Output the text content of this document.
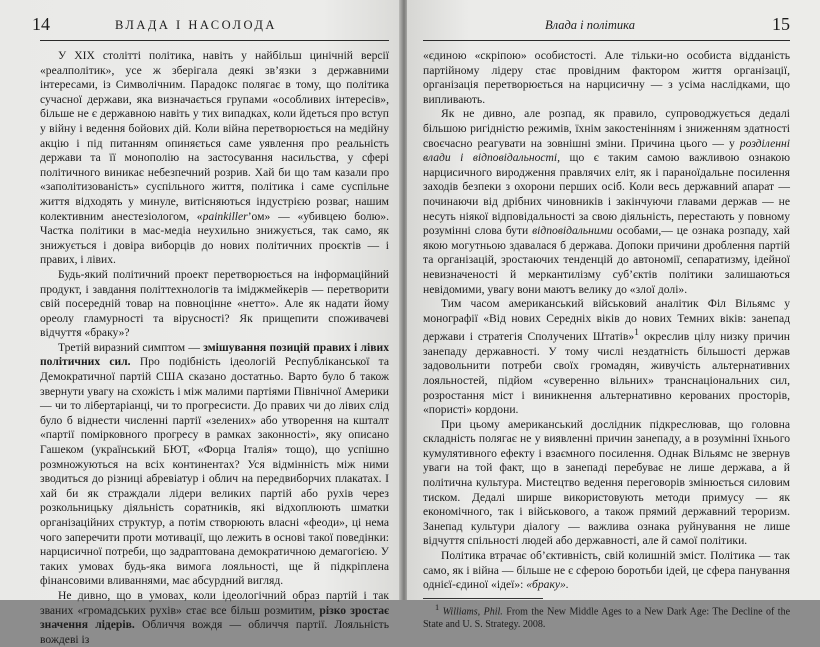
14	ВЛАДА І НАСОЛОДА

У XIX столітті політика, навіть у найбільш цинічній версії «реалполітик», усе ж зберігала деякі зв’язки з державними інтересами, із Символічним. Парадокс полягає в тому, що політика сучасної держави, яка визначається групами «особливих інтересів», більше не є державною навіть у тих випадках, коли йдеться про вступ у війну і ведення бойових дій. Коли війна перетворюється на медійну акцію і під питанням опиняється саме уявлення про реальність держави та її монополію на застосування насильства, у сфері політичного виникає небезпечний розрив. Хай би що там казали про «заполітизованість» суспільного життя, політика і саме суспільне життя відходять у минуле, витісняються індустрією розваг, нашим колективним анестезіологом, «painkiller’ом» — «убивцею болю». Частка політики в мас-медіа неухильно знижується, так само, як знижується і довіра виборців до нових політичних проєктів — і правих, і лівих.

Будь-який політичний проект перетворюється на інформаційний продукт, і завдання політтехнологів та іміджмейкерів — перетворити свій посередній товар на повноцінне «нетто». Але як надати йому ореолу гламурності та вірусності? Як прищепити споживачеві відчуття «браку»?

Третій виразний симптом — змішування позицій правих і лівих політичних сил. Про подібність ідеологій Республіканської та Демократичної партій США сказано достатньо. Варто було б також звернути увагу на схожість і між малими партіями Північної Америки — чи то лібертаріанці, чи то прогресисти. До правих чи до лівих слід було б віднести численні партії «зелених» або утворення на кшталт «партії помірковного прогресу в рамках законності», яку описано Гашеком (український БЮТ, «Форца Італія» тощо), що успішно розмножуються на всіх континентах? Уся відмінність між ними зводиться до різниці абревіатур і облич на передвиборчих плакатах. І хай би як страждали лідери великих партій або рухів через розкольницьку діяльність соратників, які відхоплюють шматки організаційних структур, а потім створюють власні «феоди», ці нема чого заперечити проти мотивації, що лежить в основі такої поведінки: нарцисичної потреби, що задраптована демократичною демагогією. У таких умовах будь-яка вимога лояльності, ще й підкріплена фінансовими вливаннями, має абсурдний вигляд.

Не дивно, що в умовах, коли ідеологічний образ партій і так званих «громадських рухів» стає все більш розмитим, різко зростає значення лідерів. Обличчя вождя — обличчя партії. Лояльність вождеві із

Влада і політика	15

«єдиною «скріпою» особистості. Але тільки-но особиста відданість партійному лідеру стає провідним фактором життя організації, організація перетворюється на нарцисичну — з усіма наслідками, що випливають.

Як не дивно, але розпад, як правило, супроводжується дедалі більшою ригідністю режимів, їхнім закостенінням і зниженням здатності своєчасно реагувати на зовнішні зміни. Причина цього — у розділенні влади і відповідальності, що є таким самою важливою ознакою нарцисичного виродження правлячих еліт, як і параноїдальне посилення заходів безпеки з охорони перших осіб. Коли весь державний апарат — починаючи від дрібних чиновників і закінчуючи главами держав — не несуть ніякої відповідальності за свою діяльність, перестають у повному розумінні слова бути відповідальними особами,— це ознака розпаду, хай якою могутньою здавалася б держава. Допоки причини дроблення партій та організацій, зростаючих тенденцій до автономії, сепаратизму, ідейної невизначеності й меркантилізму суб’єктів політики залишаються невідомими, увагу вони маютъ велику до «злої долі».

Тим часом американський військовий аналітик Філ Вільямс у монографії «Від нових Середніх віків до нових Темних віків: занепад держави і стратегія Сполучених Штатів»$^1$ окреслив цілу низку причин занепаду державності. У тому числі нездатність більшості держав задовольнити потреби своїх громадян, живучість альтернативних лояльностей, підйом «суверенно вільних» транснаціональних сил, розростання міст і виникнення альтернативно керованих просторів, «пористі» кордони.

При цьому американський дослідник підкреслював, що головна складність полягає не у виявленні причин занепаду, а в розумінні їхнього кумулятивного ефекту і взаємного посилення. Однак Вільямс не звернув уваги на той факт, що в занепаді перебуває не лише держава, а й політична культура. Мистецтво ведення переговорів змінюється силовим тиском. Дедалі ширше використовують методи примусу — як економічного, так і військового, а також прямий державний тероризм. Занепад культури діалогу — важлива ознака руйнування не лише відчуття спільності людей або державності, але й самої політики.

Політика втрачає об’єктивність, свій колишній зміст. Політика — так само, як і війна — більше не є сферою боротьби ідей, це сфера панування однієї-єдиної «ідеї»: «браку».

$^1$ Williams, Phil. From the New Middle Ages to a New Dark Age: The Decline of the State and U. S. Strategy. 2008.
